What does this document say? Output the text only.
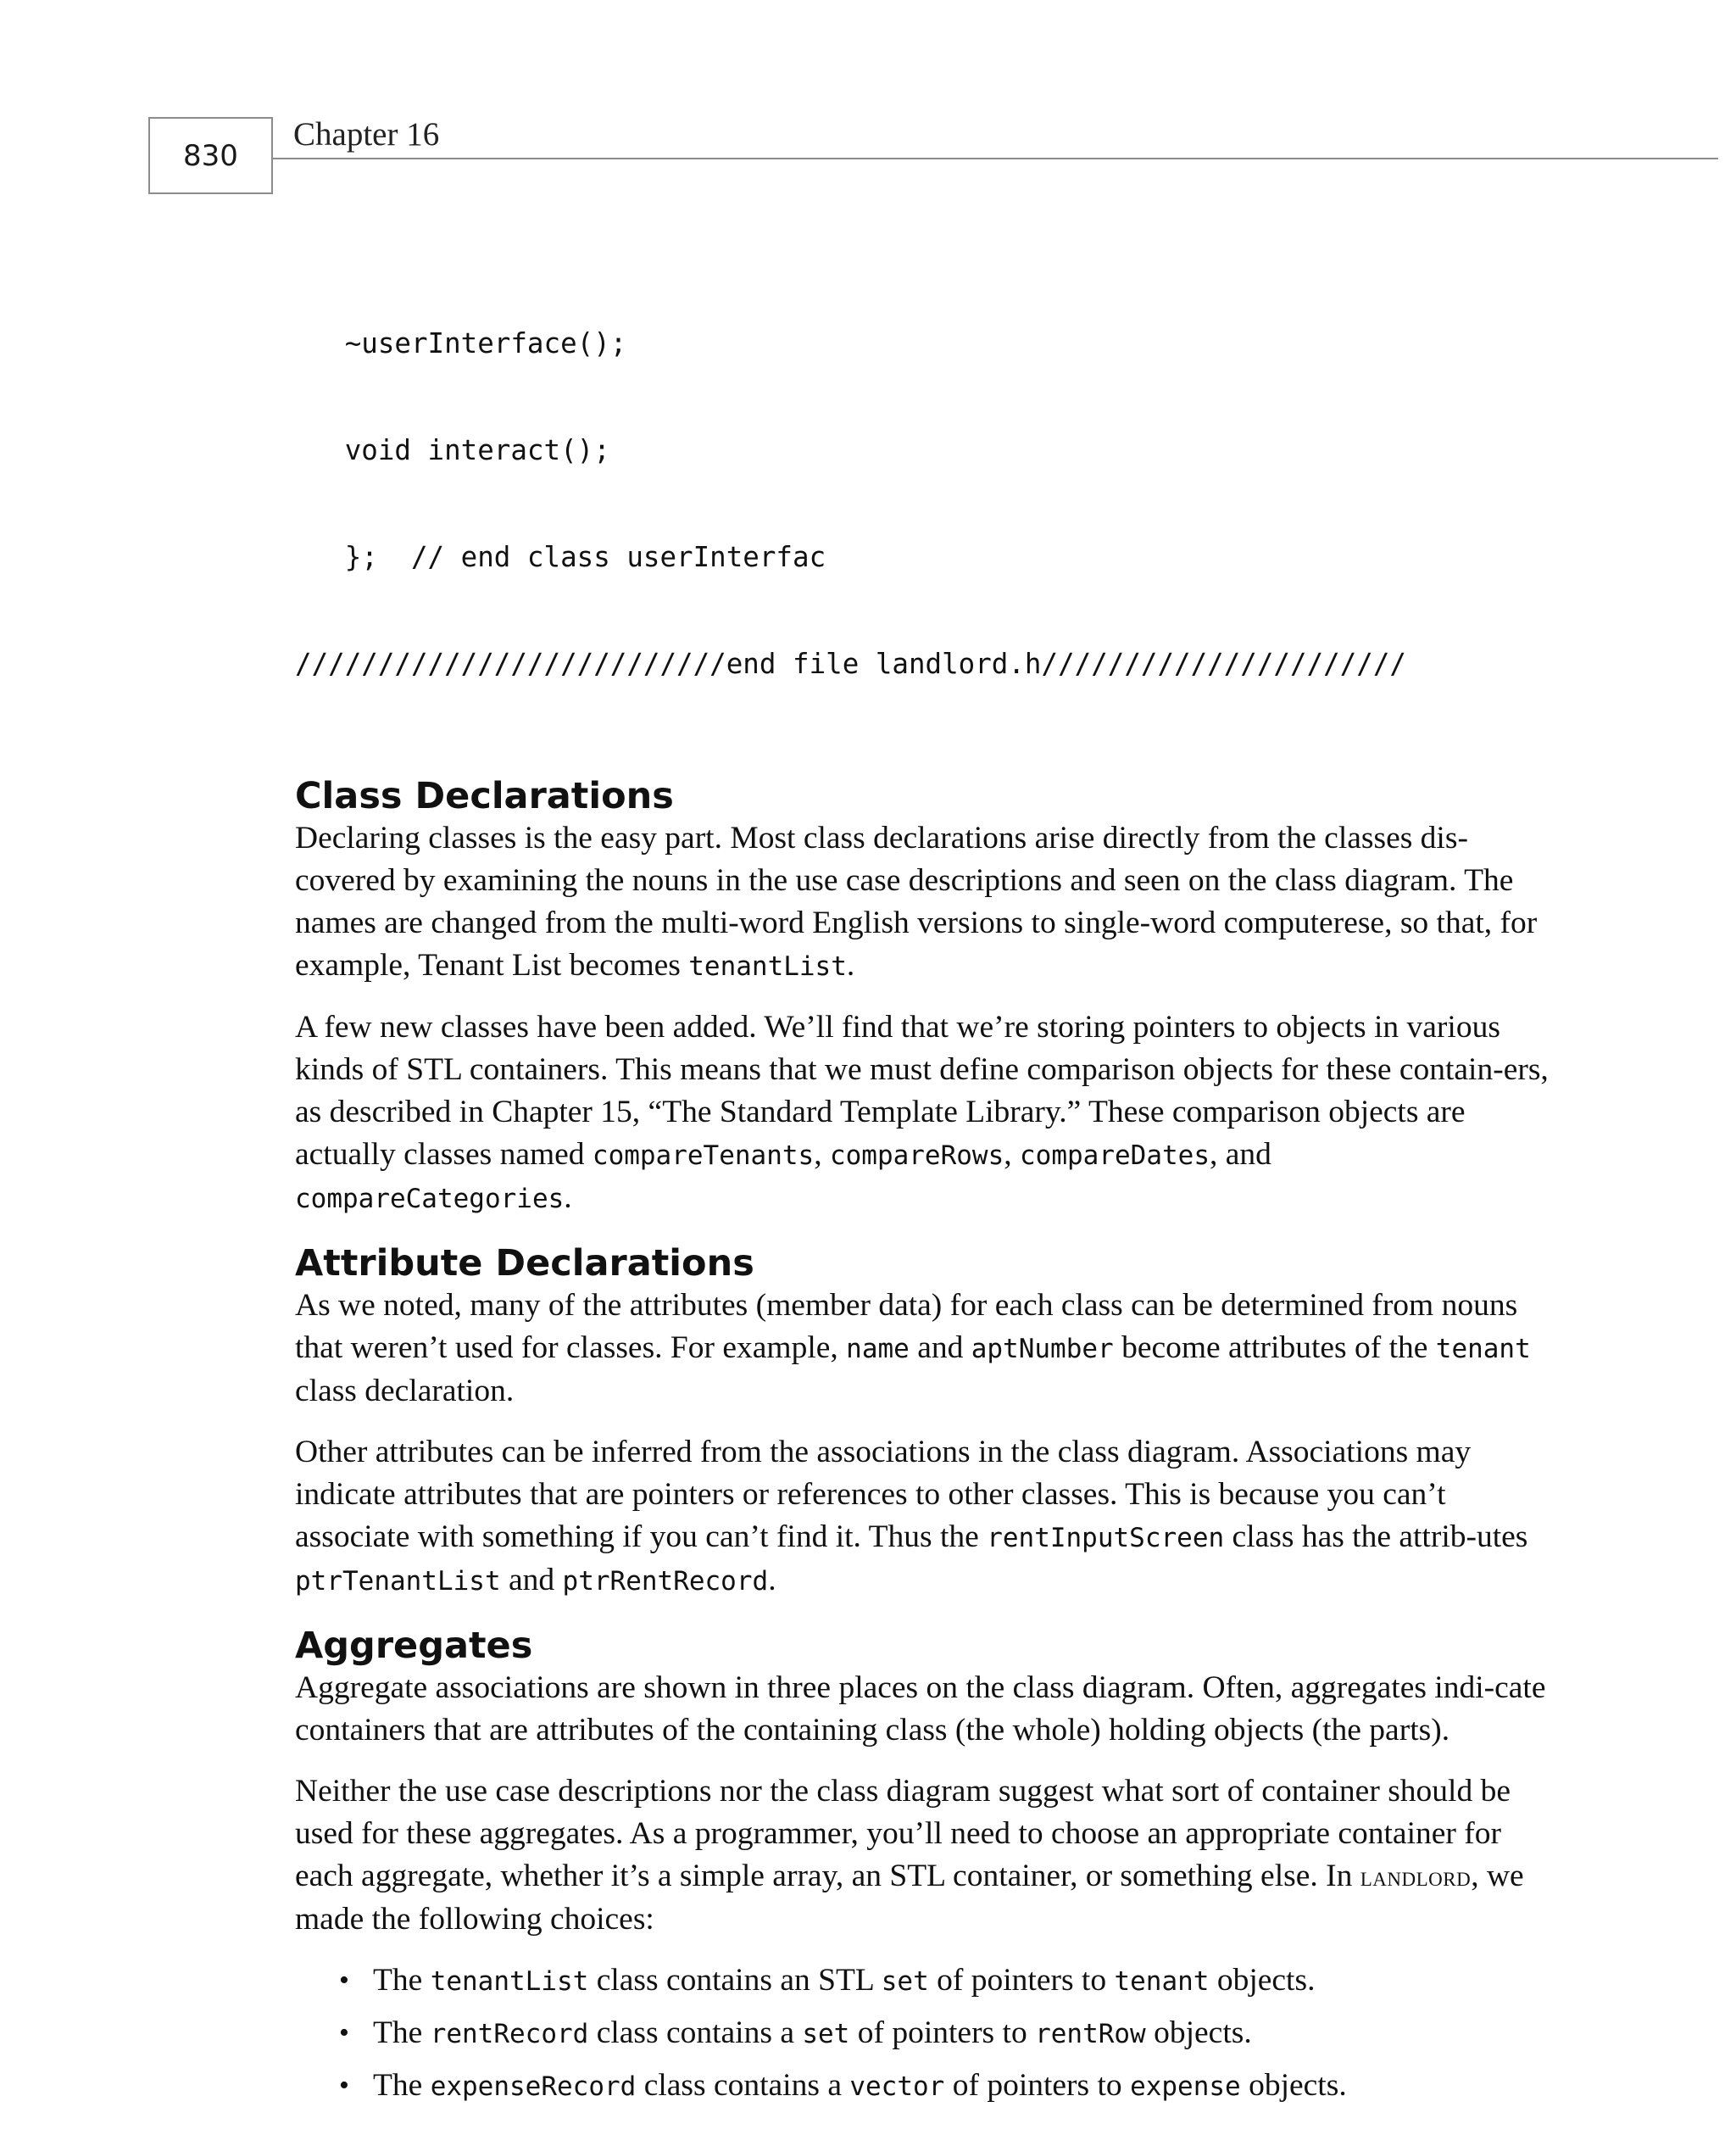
830
Chapter 16

~userInterface();

void interact();

};  // end class userInterfac

//////////////////////////end file landlord.h//////////////////////

Class Declarations

Declaring classes is the easy part. Most class declarations arise directly from the classes dis-covered by examining the nouns in the use case descriptions and seen on the class diagram. The names are changed from the multi-word English versions to single-word computerese, so that, for example, Tenant List becomes tenantList.

A few new classes have been added. We’ll find that we’re storing pointers to objects in various kinds of STL containers. This means that we must define comparison objects for these contain-ers, as described in Chapter 15, “The Standard Template Library.” These comparison objects are actually classes named compareTenants, compareRows, compareDates, and
compareCategories.

Attribute Declarations

As we noted, many of the attributes (member data) for each class can be determined from nouns that weren’t used for classes. For example, name and aptNumber become attributes of the tenant class declaration.

Other attributes can be inferred from the associations in the class diagram. Associations may indicate attributes that are pointers or references to other classes. This is because you can’t associate with something if you can’t find it. Thus the rentInputScreen class has the attrib-utes ptrTenantList and ptrRentRecord.

Aggregates

Aggregate associations are shown in three places on the class diagram. Often, aggregates indi-cate containers that are attributes of the containing class (the whole) holding objects (the parts).

Neither the use case descriptions nor the class diagram suggest what sort of container should be used for these aggregates. As a programmer, you’ll need to choose an appropriate container for each aggregate, whether it’s a simple array, an STL container, or something else. In landlord, we made the following choices:

• The tenantList class contains an STL set of pointers to tenant objects.
• The rentRecord class contains a set of pointers to rentRow objects.
• The expenseRecord class contains a vector of pointers to expense objects.
